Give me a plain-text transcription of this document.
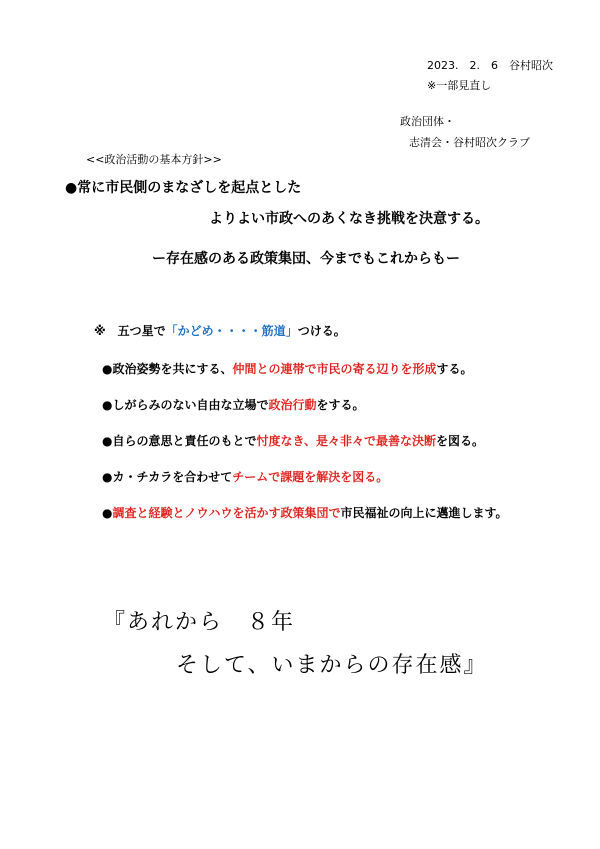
2023.　2.　6　 谷村昭次
※一部見直し
政治団体・
志清会・谷村昭次クラブ
<<政治活動の基本方針>>
●常に市民側のまなざしを起点とした
よりよい市政へのあくなき挑戦を決意する。
ー存在感のある政策集団、今までもこれからもー
※　五つ星で「かどめ・・・・筋道」つける。
●政治姿勢を共にする、仲間との連帯で市民の寄る辺りを形成する。
●しがらみのない自由な立場で政治行動をする。
●自らの意思と責任のもとで忖度なき、是々非々で最善な決断を図る。
●カ・チカラを合わせてチームで課題を解決を図る。
●調査と経験とノウハウを活かす政策集団で市民福祉の向上に邁進します。
『あれから　８年
そして、いまからの存在感』
